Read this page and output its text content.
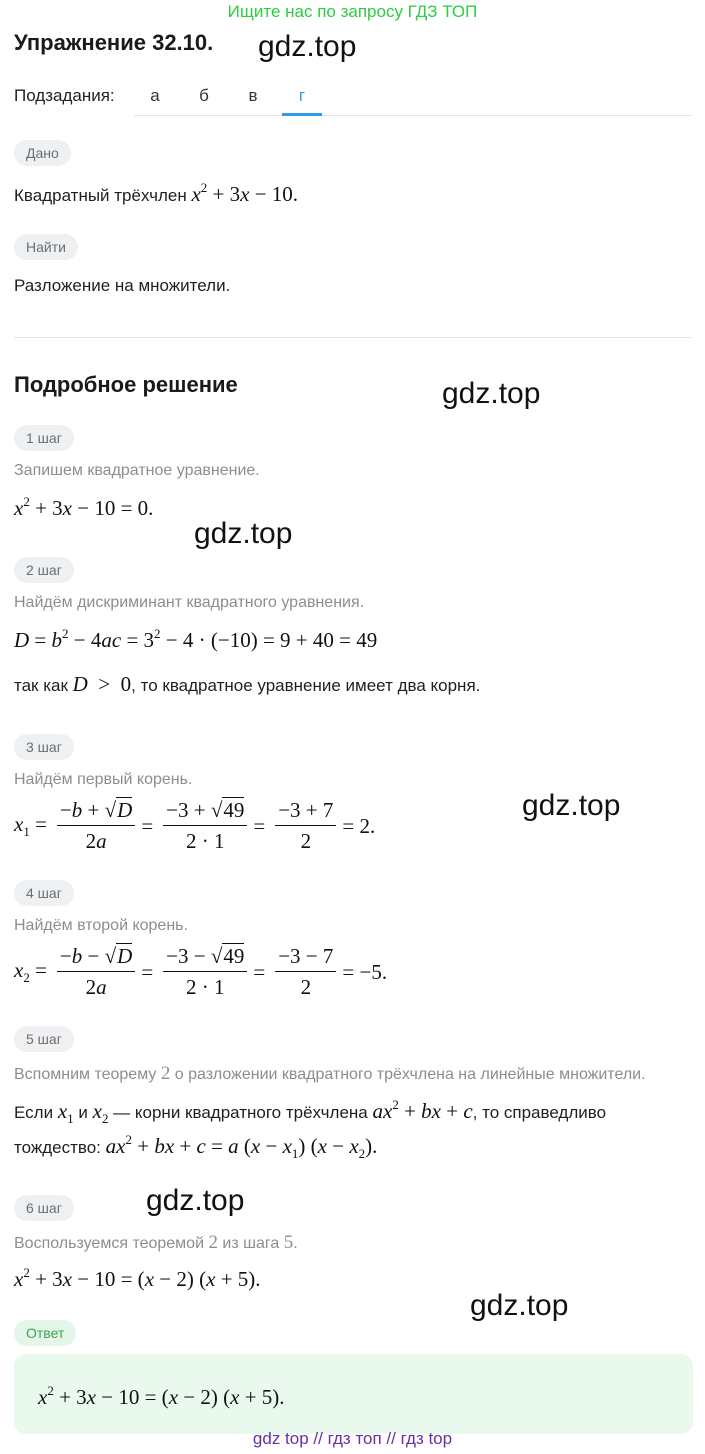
Ищите нас по запросу ГДЗ ТОП
Упражнение 32.10. gdz.top
Подзадания:	а	б	в	г
Дано
Квадратный трёхчлен $x^2 + 3x - 10$.
Найти
Разложение на множители.
Подробное решение	gdz.top
1 шаг
Запишем квадратное уравнение.
$x^2 + 3x - 10 = 0$.
gdz.top
2 шаг
Найдём дискриминант квадратного уравнения.
$D = b^2 - 4ac = 3^2 - 4 \cdot (-10) = 9 + 40 = 49$
так как D  >  0, то квадратное уравнение имеет два корня.
3 шаг
Найдём первый корень.
$x_1 = \frac{-b + √D}{2a} = \frac{-3 + √49}{2 \cdot 1} = \frac{-3 + 7}{2} = 2$.
gdz.top
4 шаг
Найдём второй корень.
$x_2 = \frac{-b - √D}{2a} = \frac{-3 - √49}{2 \cdot 1} = \frac{-3 - 7}{2} = -5$.
5 шаг
Вспомним теорему 2 о разложении квадратного трёхчлена на линейные множители.
Если $x_1$ и $x_2$ — корни квадратного трёхчлена $ax^2$ + bx + c, то справедливо
тождество: $ax^2$ + bx + c = a $(x - x_1)$ $(x - x_2)$.
6 шаг	gdz.top
Воспользуемся теоремой 2 из шага 5.
$x^2 + 3x - 10 = (x - 2) (x + 5)$.
gdz.top
Ответ
$x^2 + 3x - 10 = (x - 2) (x + 5)$.
gdz top // гдз топ // гдз top
